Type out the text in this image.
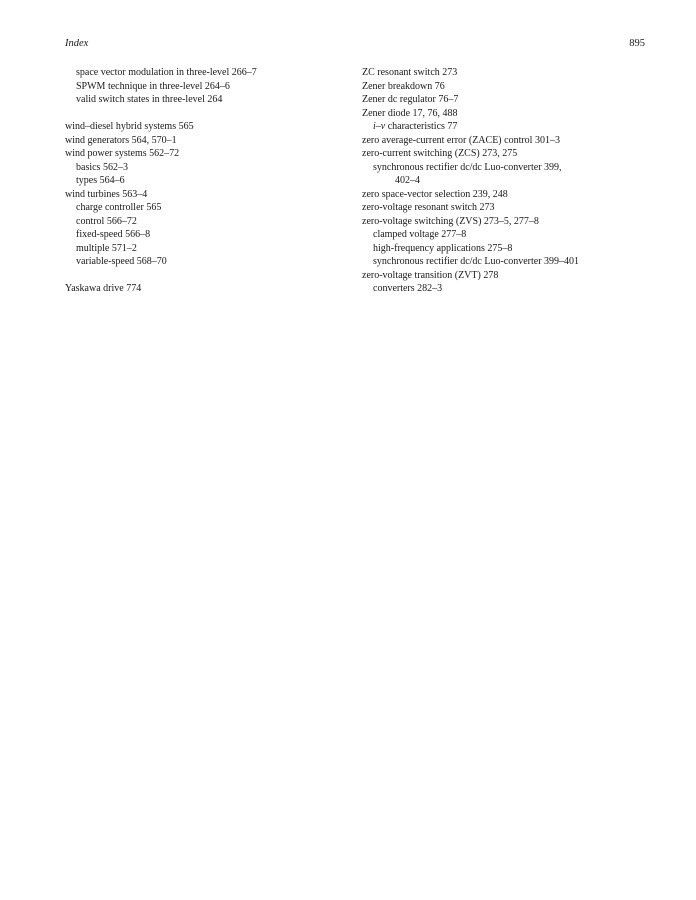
Index	895
space vector modulation in three-level 266–7
SPWM technique in three-level 264–6
valid switch states in three-level 264
wind–diesel hybrid systems 565
wind generators 564, 570–1
wind power systems 562–72
basics 562–3
types 564–6
wind turbines 563–4
charge controller 565
control 566–72
fixed-speed 566–8
multiple 571–2
variable-speed 568–70
Yaskawa drive 774
ZC resonant switch 273
Zener breakdown 76
Zener dc regulator 76–7
Zener diode 17, 76, 488
i–v characteristics 77
zero average-current error (ZACE) control 301–3
zero-current switching (ZCS) 273, 275
synchronous rectifier dc/dc Luo-converter 399,
402–4
zero space-vector selection 239, 248
zero-voltage resonant switch 273
zero-voltage switching (ZVS) 273–5, 277–8
clamped voltage 277–8
high-frequency applications 275–8
synchronous rectifier dc/dc Luo-converter 399–401
zero-voltage transition (ZVT) 278
converters 282–3
